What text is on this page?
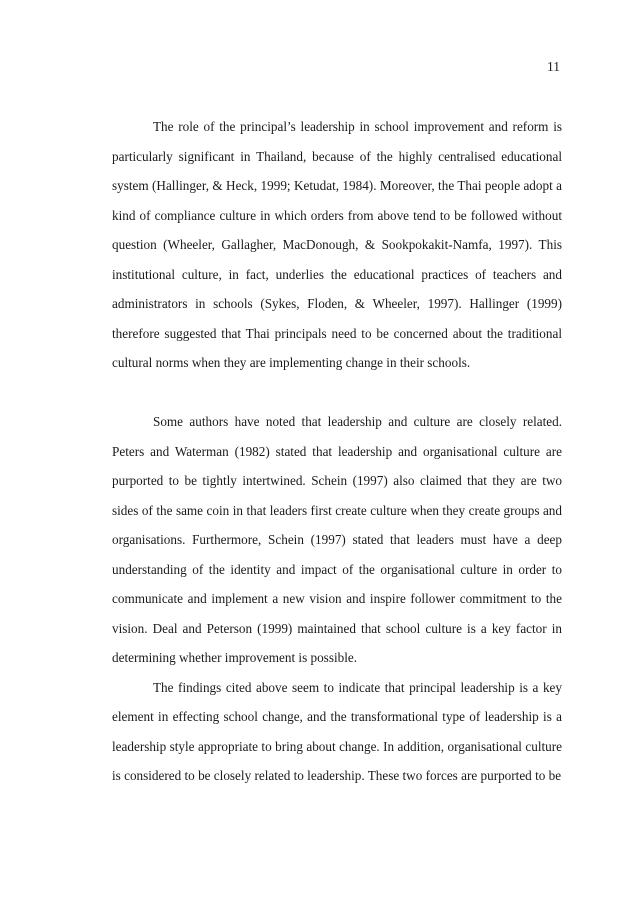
11

The role of the principal’s leadership in school improvement and reform is particularly significant in Thailand, because of the highly centralised educational system (Hallinger, & Heck, 1999; Ketudat, 1984). Moreover, the Thai people adopt a kind of compliance culture in which orders from above tend to be followed without question (Wheeler, Gallagher, MacDonough, & Sookpokakit-Namfa, 1997). This institutional culture, in fact, underlies the educational practices of teachers and administrators in schools (Sykes, Floden, & Wheeler, 1997). Hallinger (1999) therefore suggested that Thai principals need to be concerned about the traditional cultural norms when they are implementing change in their schools.

Some authors have noted that leadership and culture are closely related. Peters and Waterman (1982) stated that leadership and organisational culture are purported to be tightly intertwined. Schein (1997) also claimed that they are two sides of the same coin in that leaders first create culture when they create groups and organisations. Furthermore, Schein (1997) stated that leaders must have a deep understanding of the identity and impact of the organisational culture in order to communicate and implement a new vision and inspire follower commitment to the vision. Deal and Peterson (1999) maintained that school culture is a key factor in determining whether improvement is possible.

The findings cited above seem to indicate that principal leadership is a key element in effecting school change, and the transformational type of leadership is a leadership style appropriate to bring about change. In addition, organisational culture is considered to be closely related to leadership. These two forces are purported to be
